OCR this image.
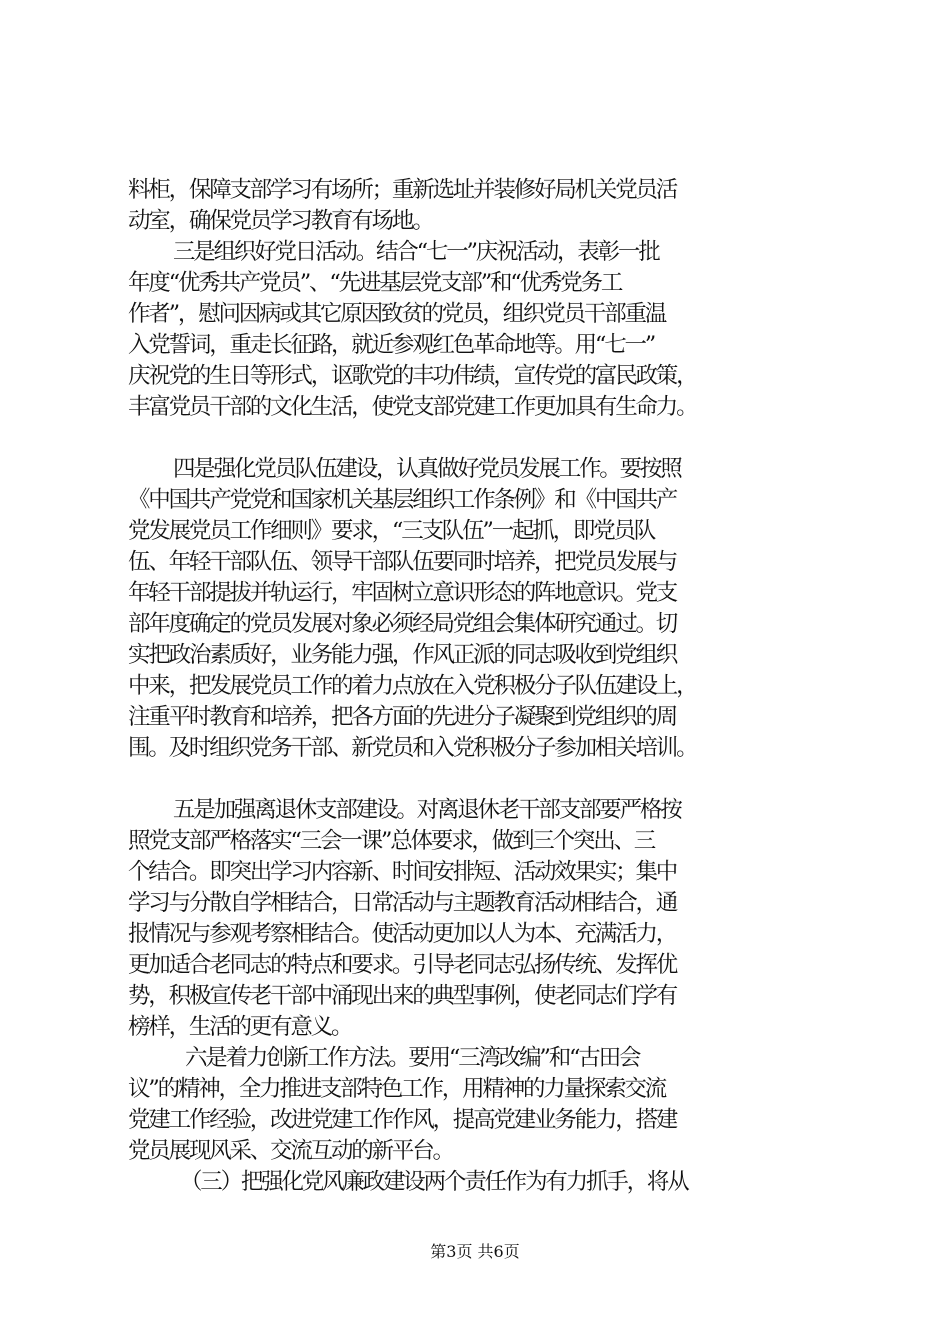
料柜，保障支部学习有场所；重新选址并装修好局机关党员活
动室，确保党员学习教育有场地。
三是组织好党日活动。结合“七一”庆祝活动，表彰一批
年度“优秀共产党员”、“先进基层党支部”和“优秀党务工
作者”，慰问因病或其它原因致贫的党员，组织党员干部重温
入党誓词，重走长征路，就近参观红色革命地等。用“七一”
庆祝党的生日等形式，讴歌党的丰功伟绩，宣传党的富民政策，
丰富党员干部的文化生活，使党支部党建工作更加具有生命力。
四是强化党员队伍建设，认真做好党员发展工作。要按照
《中国共产党党和国家机关基层组织工作条例》和《中国共产
党发展党员工作细则》要求，“三支队伍”一起抓，即党员队
伍、年轻干部队伍、领导干部队伍要同时培养，把党员发展与
年轻干部提拔并轨运行，牢固树立意识形态的阵地意识。党支
部年度确定的党员发展对象必须经局党组会集体研究通过。切
实把政治素质好，业务能力强，作风正派的同志吸收到党组织
中来，把发展党员工作的着力点放在入党积极分子队伍建设上，
注重平时教育和培养，把各方面的先进分子凝聚到党组织的周
围。及时组织党务干部、新党员和入党积极分子参加相关培训。
五是加强离退休支部建设。对离退休老干部支部要严格按
照党支部严格落实“三会一课”总体要求，做到三个突出、三
个结合。即突出学习内容新、时间安排短、活动效果实；集中
学习与分散自学相结合，日常活动与主题教育活动相结合，通
报情况与参观考察相结合。使活动更加以人为本、充满活力，
更加适合老同志的特点和要求。引导老同志弘扬传统、发挥优
势，积极宣传老干部中涌现出来的典型事例，使老同志们学有
榜样，生活的更有意义。
六是着力创新工作方法。要用“三湾改编”和“古田会
议”的精神，全力推进支部特色工作，用精神的力量探索交流
党建工作经验，改进党建工作作风，提高党建业务能力，搭建
党员展现风采、交流互动的新平台。
（三）把强化党风廉政建设两个责任作为有力抓手，将从
第3页 共6页
